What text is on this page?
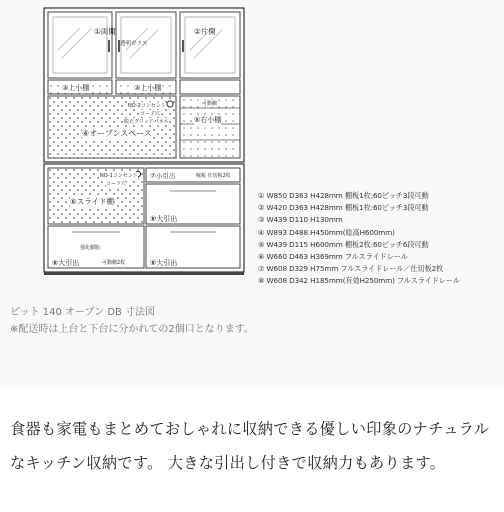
①両開
透明ガラス
②片開
③上小棚	③上小棚
NO-2コンセント
コード穴
脱衣グリッドパネル
④オーブンスペース
⑤右小棚
可動棚
NO-1コンセント
コード穴
⑥スライド棚
⑦小引出	稼板 仕切板2枚
⑧大引出
強化樹脂
⑧大引出	可動棚2枚	⑧大引出
① W850 D363 H428mm 棚板1枚:60ピッチ3段可動
② W420 D363 H428mm 棚板1枚:60ピッチ3段可動
③ W439 D110 H130mm
④ W893 D488 H450mm(総高H600mm)
⑤ W439 D115 H600mm 棚板2枚:60ピッチ6段可動
⑥ W660 D463 H369mm フルスライドレール
⑦ W608 D329 H75mm フルスライドレール／仕切板2枚
⑧ W608 D342 H185mm(有効H250mm) フルスライドレール
ピット 140 オープン DB 寸法図
※配送時は上台と下台に分かれての2個口となります。
食器も家電もまとめておしゃれに収納できる優しい印象のナチュラルなキッチン収納です。 大きな引出し付きで収納力もあります。
